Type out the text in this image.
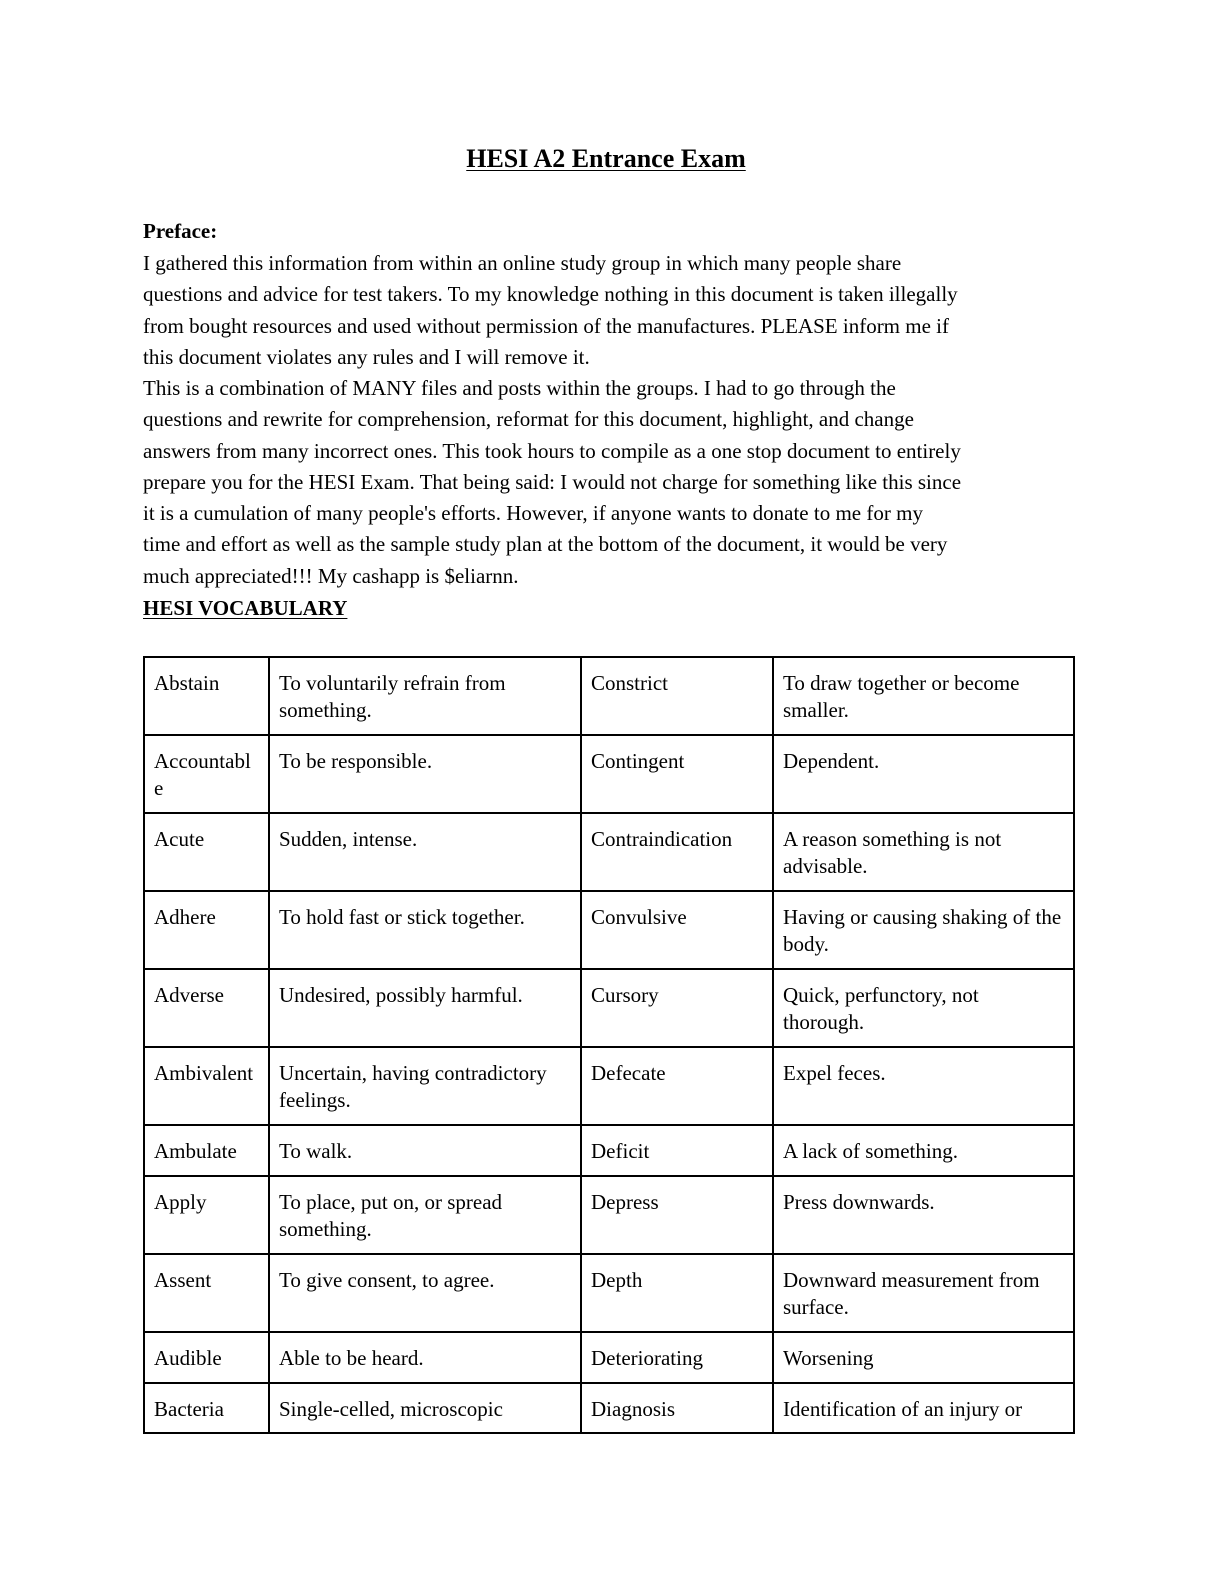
HESI A2 Entrance Exam
Preface:

I gathered this information from within an online study group in which many people share
questions and advice for test takers. To my knowledge nothing in this document is taken illegally
from bought resources and used without permission of the manufactures. PLEASE inform me if
this document violates any rules and I will remove it.

This is a combination of MANY files and posts within the groups. I had to go through the
questions and rewrite for comprehension, reformat for this document, highlight, and change
answers from many incorrect ones. This took hours to compile as a one stop document to entirely
prepare you for the HESI Exam. That being said: I would not charge for something like this since
it is a cumulation of many people's efforts. However, if anyone wants to donate to me for my
time and effort as well as the sample study plan at the bottom of the document, it would be very
much appreciated!!! My cashapp is $eliarnn.

HESI VOCABULARY
Abstain	To voluntarily refrain from something.	Constrict	To draw together or become smaller.
Accountable	To be responsible.	Contingent	Dependent.
Acute	Sudden, intense.	Contraindication	A reason something is not advisable.
Adhere	To hold fast or stick together.	Convulsive	Having or causing shaking of the body.
Adverse	Undesired, possibly harmful.	Cursory	Quick, perfunctory, not thorough.
Ambivalent	Uncertain, having contradictory feelings.	Defecate	Expel feces.
Ambulate	To walk.	Deficit	A lack of something.
Apply	To place, put on, or spread something.	Depress	Press downwards.
Assent	To give consent, to agree.	Depth	Downward measurement from surface.
Audible	Able to be heard.	Deteriorating	Worsening
Bacteria	Single-celled, microscopic	Diagnosis	Identification of an injury or
